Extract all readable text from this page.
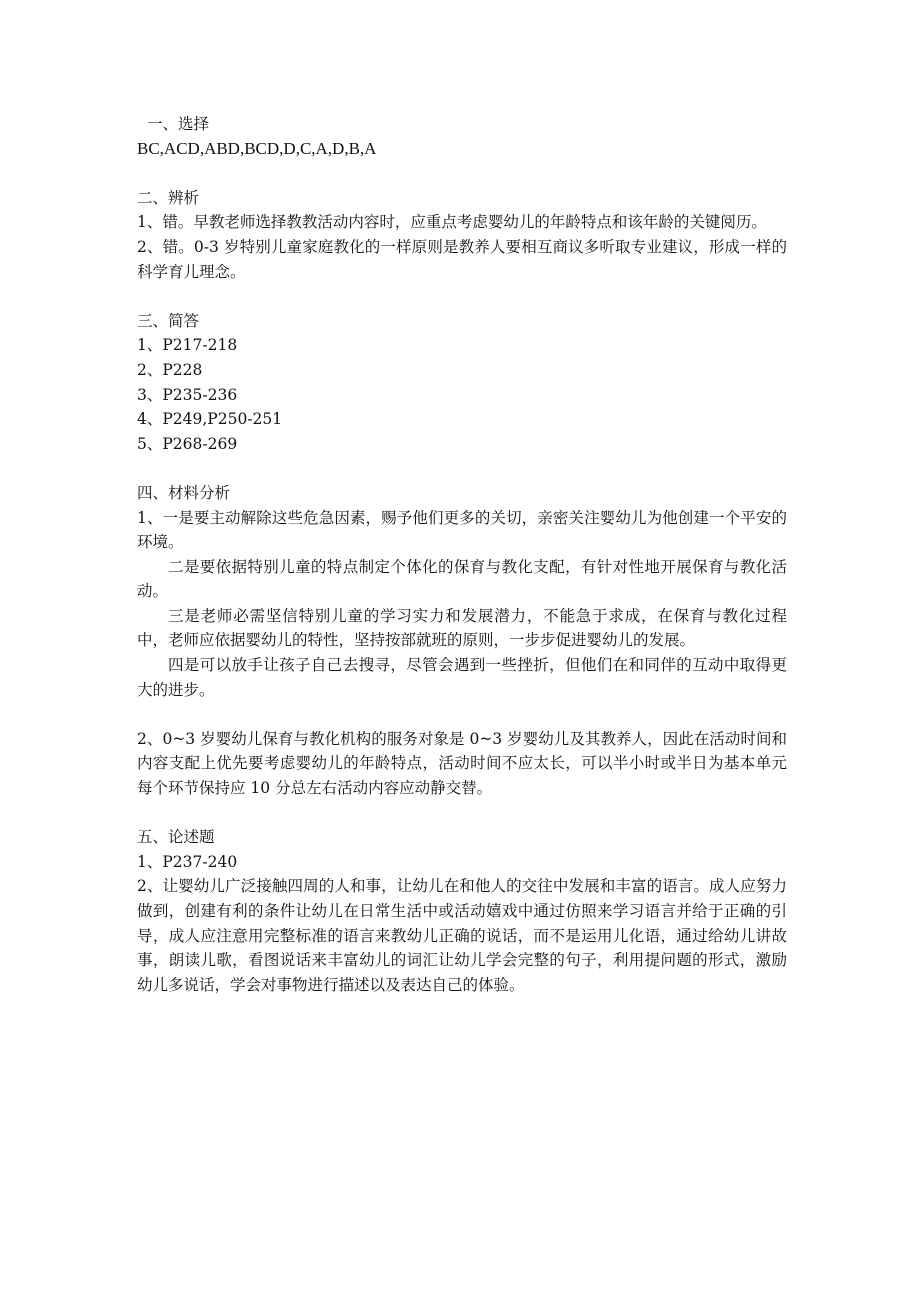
一、选择
BC,ACD,ABD,BCD,D,C,A,D,B,A
二、辨析
1、错。早教老师选择教教活动内容时，应重点考虑婴幼儿的年龄特点和该年龄的关键阅历。
2、错。0-3 岁特别儿童家庭教化的一样原则是教养人要相互商议多听取专业建议，形成一样的科学育儿理念。
三、简答
1、P217-218
2、P228
3、P235-236
4、P249,P250-251
5、P268-269
四、材料分析
1、一是要主动解除这些危急因素，赐予他们更多的关切，亲密关注婴幼儿为他创建一个平安的环境。
二是要依据特别儿童的特点制定个体化的保育与教化支配，有针对性地开展保育与教化活动。
三是老师必需坚信特别儿童的学习实力和发展潜力，不能急于求成，在保育与教化过程中，老师应依据婴幼儿的特性，坚持按部就班的原则，一步步促进婴幼儿的发展。
四是可以放手让孩子自己去搜寻，尽管会遇到一些挫折，但他们在和同伴的互动中取得更大的进步。
2、0~3 岁婴幼儿保育与教化机构的服务对象是 0~3 岁婴幼儿及其教养人，因此在活动时间和内容支配上优先要考虑婴幼儿的年龄特点，活动时间不应太长，可以半小时或半日为基本单元每个环节保持应 10 分总左右活动内容应动静交替。
五、论述题
1、P237-240
2、让婴幼儿广泛接触四周的人和事，让幼儿在和他人的交往中发展和丰富的语言。成人应努力做到，创建有利的条件让幼儿在日常生活中或活动嬉戏中通过仿照来学习语言并给于正确的引导，成人应注意用完整标准的语言来教幼儿正确的说话，而不是运用儿化语，通过给幼儿讲故事，朗读儿歌，看图说话来丰富幼儿的词汇让幼儿学会完整的句子，利用提问题的形式，激励幼儿多说话，学会对事物进行描述以及表达自己的体验。
